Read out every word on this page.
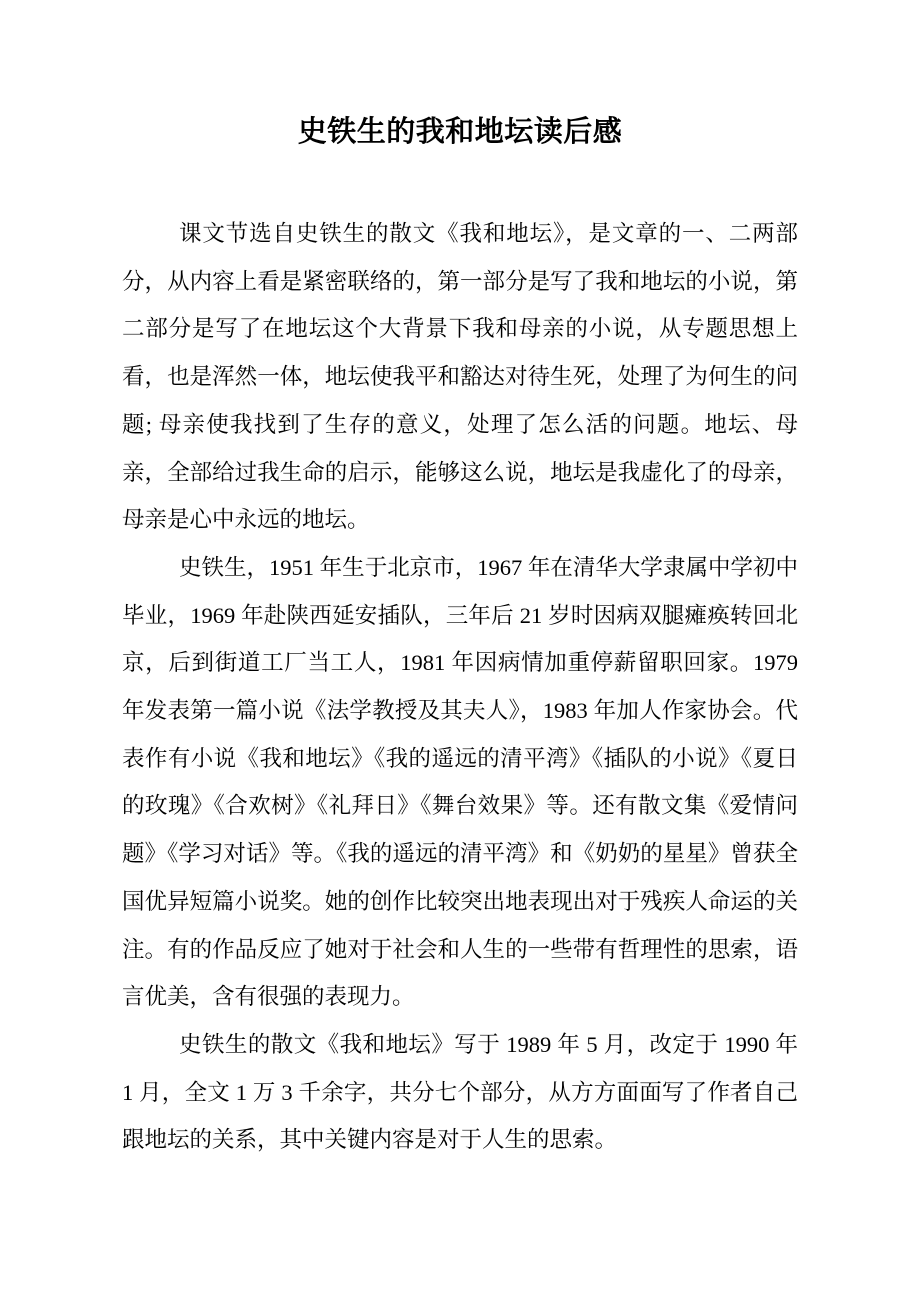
史铁生的我和地坛读后感

课文节选自史铁生的散文《我和地坛》，是文章的一、二两部分，从内容上看是紧密联络的，第一部分是写了我和地坛的小说，第二部分是写了在地坛这个大背景下我和母亲的小说，从专题思想上看，也是浑然一体，地坛使我平和豁达对待生死，处理了为何生的问题; 母亲使我找到了生存的意义，处理了怎么活的问题。地坛、母亲，全部给过我生命的启示，能够这么说，地坛是我虚化了的母亲，母亲是心中永远的地坛。

史铁生，1951 年生于北京市，1967 年在清华大学隶属中学初中毕业，1969 年赴陕西延安插队，三年后 21 岁时因病双腿瘫痪转回北京，后到街道工厂当工人，1981 年因病情加重停薪留职回家。1979 年发表第一篇小说《法学教授及其夫人》，1983 年加人作家协会。代表作有小说《我和地坛》《我的遥远的清平湾》《插队的小说》《夏日的玫瑰》《合欢树》《礼拜日》《舞台效果》等。还有散文集《爱情问题》《学习对话》等。《我的遥远的清平湾》和《奶奶的星星》曾获全国优异短篇小说奖。她的创作比较突出地表现出对于残疾人命运的关注。有的作品反应了她对于社会和人生的一些带有哲理性的思索，语言优美，含有很强的表现力。

史铁生的散文《我和地坛》写于 1989 年 5 月，改定于 1990 年 1 月，全文 1 万 3 千余字，共分七个部分，从方方面面写了作者自己跟地坛的关系，其中关键内容是对于人生的思索。
